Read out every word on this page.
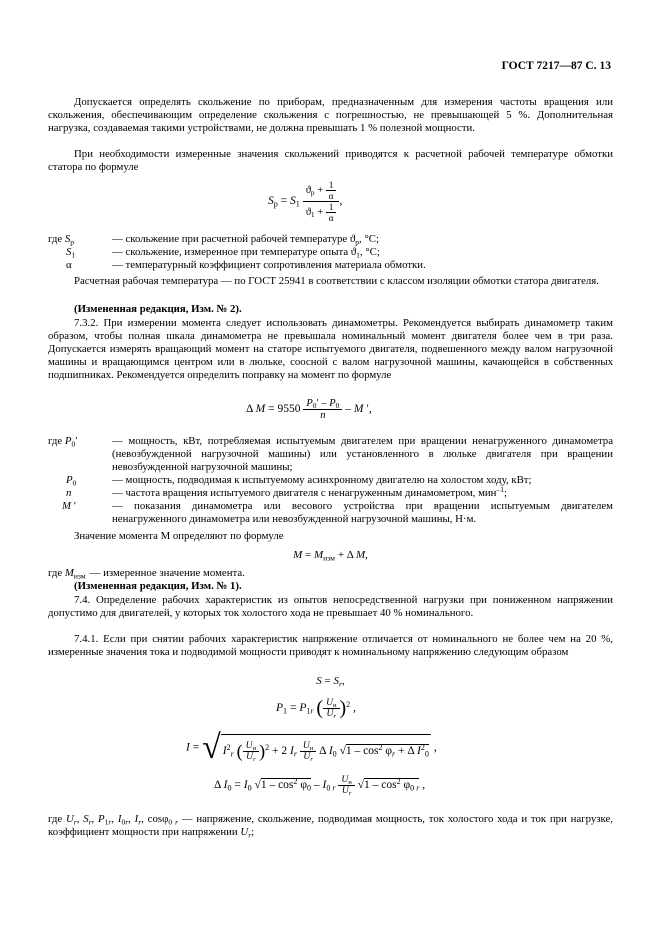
ГОСТ 7217—87 С. 13

Допускается определять скольжение по приборам, предназначенным для измерения частоты вращения или скольжения, обеспечивающим определение скольжения с погрешностью, не превышающей 5 %. Дополнительная нагрузка, создаваемая такими устройствами, не должна превышать 1 % полезной мощности.

При необходимости измеренные значения скольжений приводятся к расчетной рабочей температуре обмотки статора по формуле

$S_р = S_1 \frac{ϑ_р + \frac{1}{\alpha}}{ϑ_1 + \frac{1}{\alpha}}$ ,
где $S_р$	— скольжение при расчетной рабочей температуре $ϑ_р$, °С;
$S_1$	— скольжение, измеренное при температуре опыта $ϑ_1$, °С;
α	— температурный коэффициент сопротивления материала обмотки.

Расчетная рабочая температура — по ГОСТ 25941 в соответствии с классом изоляции обмотки статора двигателя.

(Измененная редакция, Изм. № 2).

7.3.2. При измерении момента следует использовать динамометры. Рекомендуется выбирать динамометр таким образом, чтобы полная шкала динамометра не превышала номинальный момент двигателя более чем в три раза. Допускается измерять вращающий момент на статоре испытуемого двигателя, подвешенного между валом нагрузочной машины и вращающимся центром или в люльке, соосной с валом нагрузочной машины, качающейся в собственных подшипниках. Рекомендуется определить поправку на момент по формуле

Δ $M = 9550 \frac{P_0' - P_0}{n} - M$ ′,
где $P_0'$	— мощность, кВт, потребляемая испытуемым двигателем при вращении ненагруженного динамометра (невозбужденной нагрузочной машины) или установленного в люльке двигателя при вращении невозбужденной нагрузочной машины;
$P_0$	— мощность, подводимая к испытуемому асинхронному двигателю на холостом ходу, кВт;
n	— частота вращения испытуемого двигателя с ненагруженным динамометром, мин$^{-1}$;
M ′	— показания динамометра или весового устройства при вращении испытуемым двигателем ненагруженного динамометра или невозбужденной нагрузочной машины, Н·м.

Значение момента M определяют по формуле

$M = M_{изм} + \Delta$ M,
где $M_{изм}$ — измеренное значение момента.

(Измененная редакция, Изм. № 1).

7.4. Определение рабочих характеристик из опытов непосредственной нагрузки при пониженном напряжении допустимо для двигателей, у которых ток холостого хода не превышает 40 % номинального.

7.4.1. Если при снятии рабочих характеристик напряжение отличается от номинального не более чем на 20 %, измеренные значения тока и подводимой мощности приводят к номинальному напряжению следующим образом

$S = S_r$,
$P_1 = P_{1r}$ ( $\frac{U_н}{U_r} )^2$ ,
I = √ $I^2_r$ ( $\frac{U_н}{U_r} )^2 + 2$ $I_r \frac{U_н}{U_r}$ Δ $I_0$ $√1 - \cos^2 \varphi_r + \Delta$ $I^2_0$ ,
Δ $I_0 = I_0$ $√1 - \cos^2 \varphi_0 - I_{0 r} \frac{U_н}{U_r} √1 - \cos^2 \varphi_{0 r}$ ,

где $U_r$, $S_r$, $P_{1r}$, $I_{0r}$, $I_r$, cosφ$_{0 r}$ — напряжение, скольжение, подводимая мощность, ток холостого хода и ток при нагрузке, коэффициент мощности при напряжении $U_r$;
